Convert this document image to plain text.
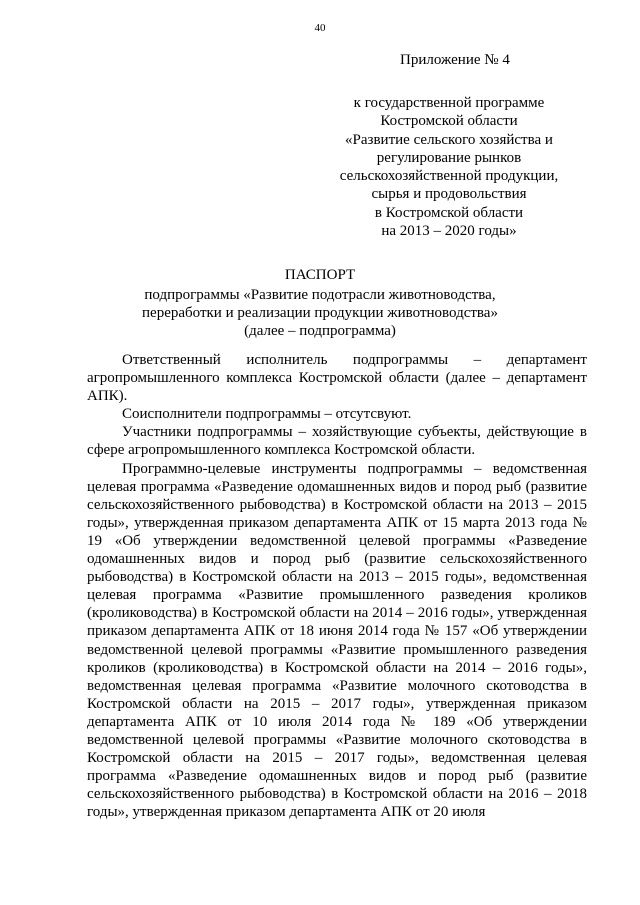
40
Приложение № 4
к государственной программе
Костромской области
«Развитие сельского хозяйства и
регулирование рынков
сельскохозяйственной продукции,
сырья и продовольствия
в Костромской области
на 2013 – 2020 годы»
ПАСПОРТ
подпрограммы «Развитие подотрасли животноводства,
переработки и реализации продукции животноводства»
(далее – подпрограмма)

Ответственный исполнитель подпрограммы – департамент агропромышленного комплекса Костромской области (далее – департамент АПК).

Соисполнители подпрограммы – отсутсвуют.

Участники подпрограммы – хозяйствующие субъекты, действующие в сфере агропромышленного комплекса Костромской области.

Программно-целевые инструменты подпрограммы – ведомственная целевая программа «Разведение одомашненных видов и пород рыб (развитие сельскохозяйственного рыбоводства) в Костромской области на 2013 – 2015 годы», утвержденная приказом департамента АПК от 15 марта 2013 года № 19 «Об утверждении ведомственной целевой программы «Разведение одомашненных видов и пород рыб (развитие сельскохозяйственного рыбоводства) в Костромской области на 2013 – 2015 годы», ведомственная целевая программа «Развитие промышленного разведения кроликов (кролиководства) в Костромской области на 2014 – 2016 годы», утвержденная приказом департамента АПК от 18 июня 2014 года № 157 «Об утверждении ведомственной целевой программы «Развитие промышленного разведения кроликов (кролиководства) в Костромской области на 2014 – 2016 годы», ведомственная целевая программа «Развитие молочного скотоводства в Костромской области на 2015 – 2017 годы», утвержденная приказом департамента АПК от 10 июля 2014 года № 189 «Об утверждении ведомственной целевой программы «Развитие молочного скотоводства в Костромской области на 2015 – 2017 годы», ведомственная целевая программа «Разведение одомашненных видов и пород рыб (развитие сельскохозяйственного рыбоводства) в Костромской области на 2016 – 2018 годы», утвержденная приказом департамента АПК от 20 июля
